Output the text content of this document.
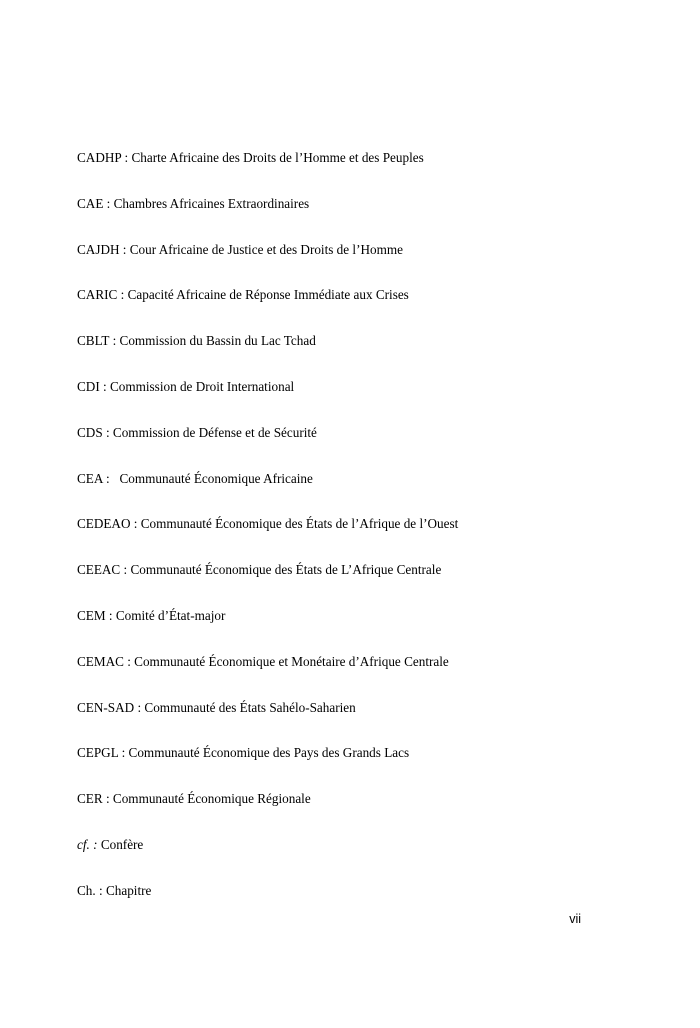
CADHP : Charte Africaine des Droits de l’Homme et des Peuples
CAE : Chambres Africaines Extraordinaires
CAJDH : Cour Africaine de Justice et des Droits de l’Homme
CARIC : Capacité Africaine de Réponse Immédiate aux Crises
CBLT : Commission du Bassin du Lac Tchad
CDI : Commission de Droit International
CDS : Commission de Défense et de Sécurité
CEA :   Communauté Économique Africaine
CEDEAO : Communauté Économique des États de l’Afrique de l’Ouest
CEEAC : Communauté Économique des États de L’Afrique Centrale
CEM : Comité d’État-major
CEMAC : Communauté Économique et Monétaire d’Afrique Centrale
CEN-SAD : Communauté des États Sahélo-Saharien
CEPGL : Communauté Économique des Pays des Grands Lacs
CER : Communauté Économique Régionale
cf. : Confère
Ch. : Chapitre
vii
